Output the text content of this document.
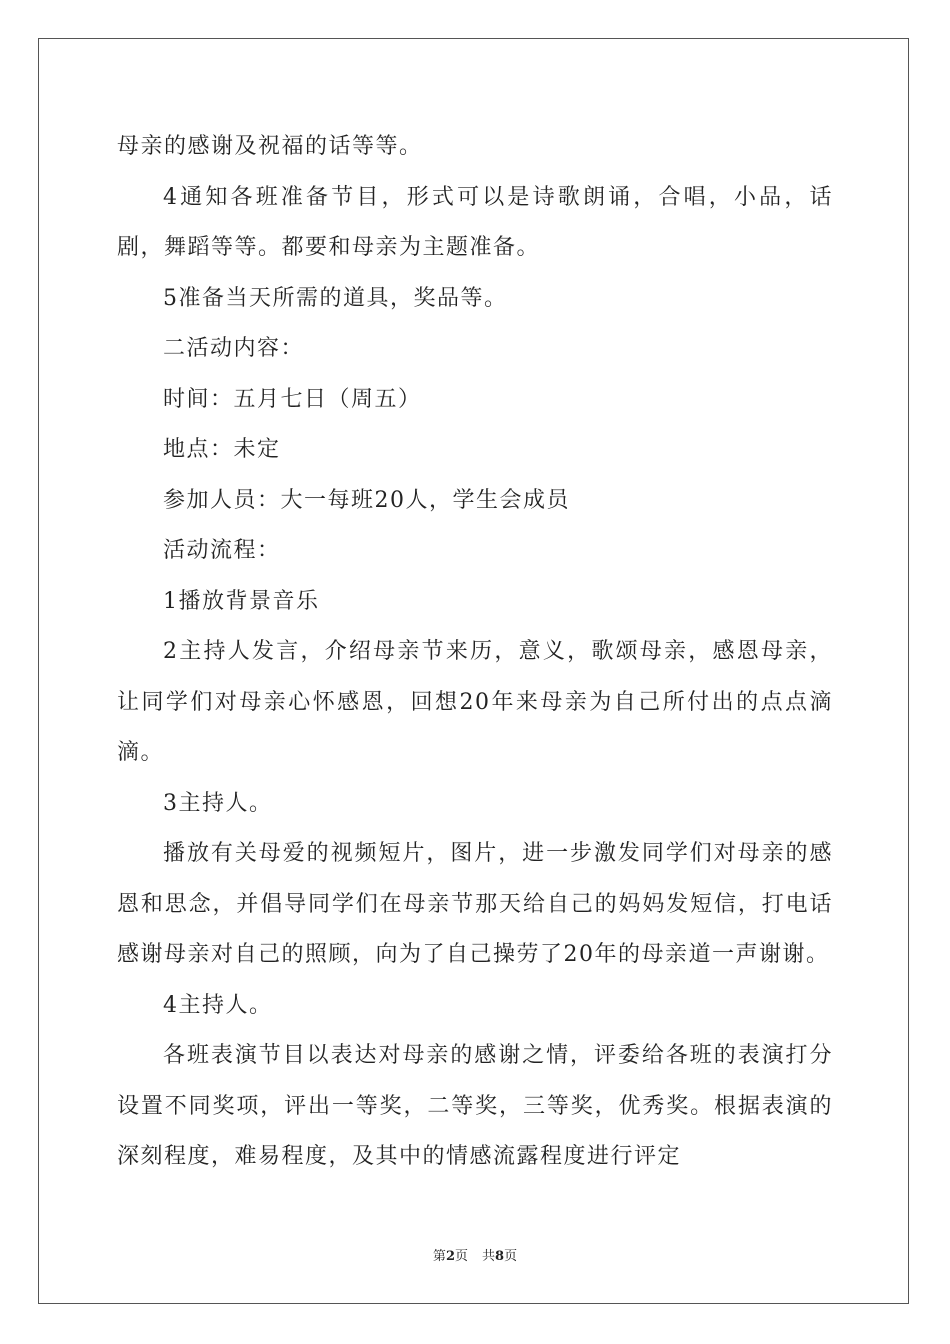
母亲的感谢及祝福的话等等。

4通知各班准备节目，形式可以是诗歌朗诵，合唱，小品，话剧，舞蹈等等。都要和母亲为主题准备。

5准备当天所需的道具，奖品等。

二活动内容：

时间：五月七日（周五）

地点：未定

参加人员：大一每班20人，学生会成员

活动流程：

1播放背景音乐

2主持人发言，介绍母亲节来历，意义，歌颂母亲，感恩母亲，让同学们对母亲心怀感恩，回想20年来母亲为自己所付出的点点滴滴。

3主持人。

播放有关母爱的视频短片，图片，进一步激发同学们对母亲的感恩和思念，并倡导同学们在母亲节那天给自己的妈妈发短信，打电话感谢母亲对自己的照顾，向为了自己操劳了20年的母亲道一声谢谢。

4主持人。

各班表演节目以表达对母亲的感谢之情，评委给各班的表演打分设置不同奖项，评出一等奖，二等奖，三等奖，优秀奖。根据表演的深刻程度，难易程度，及其中的情感流露程度进行评定

第2页 共8页
